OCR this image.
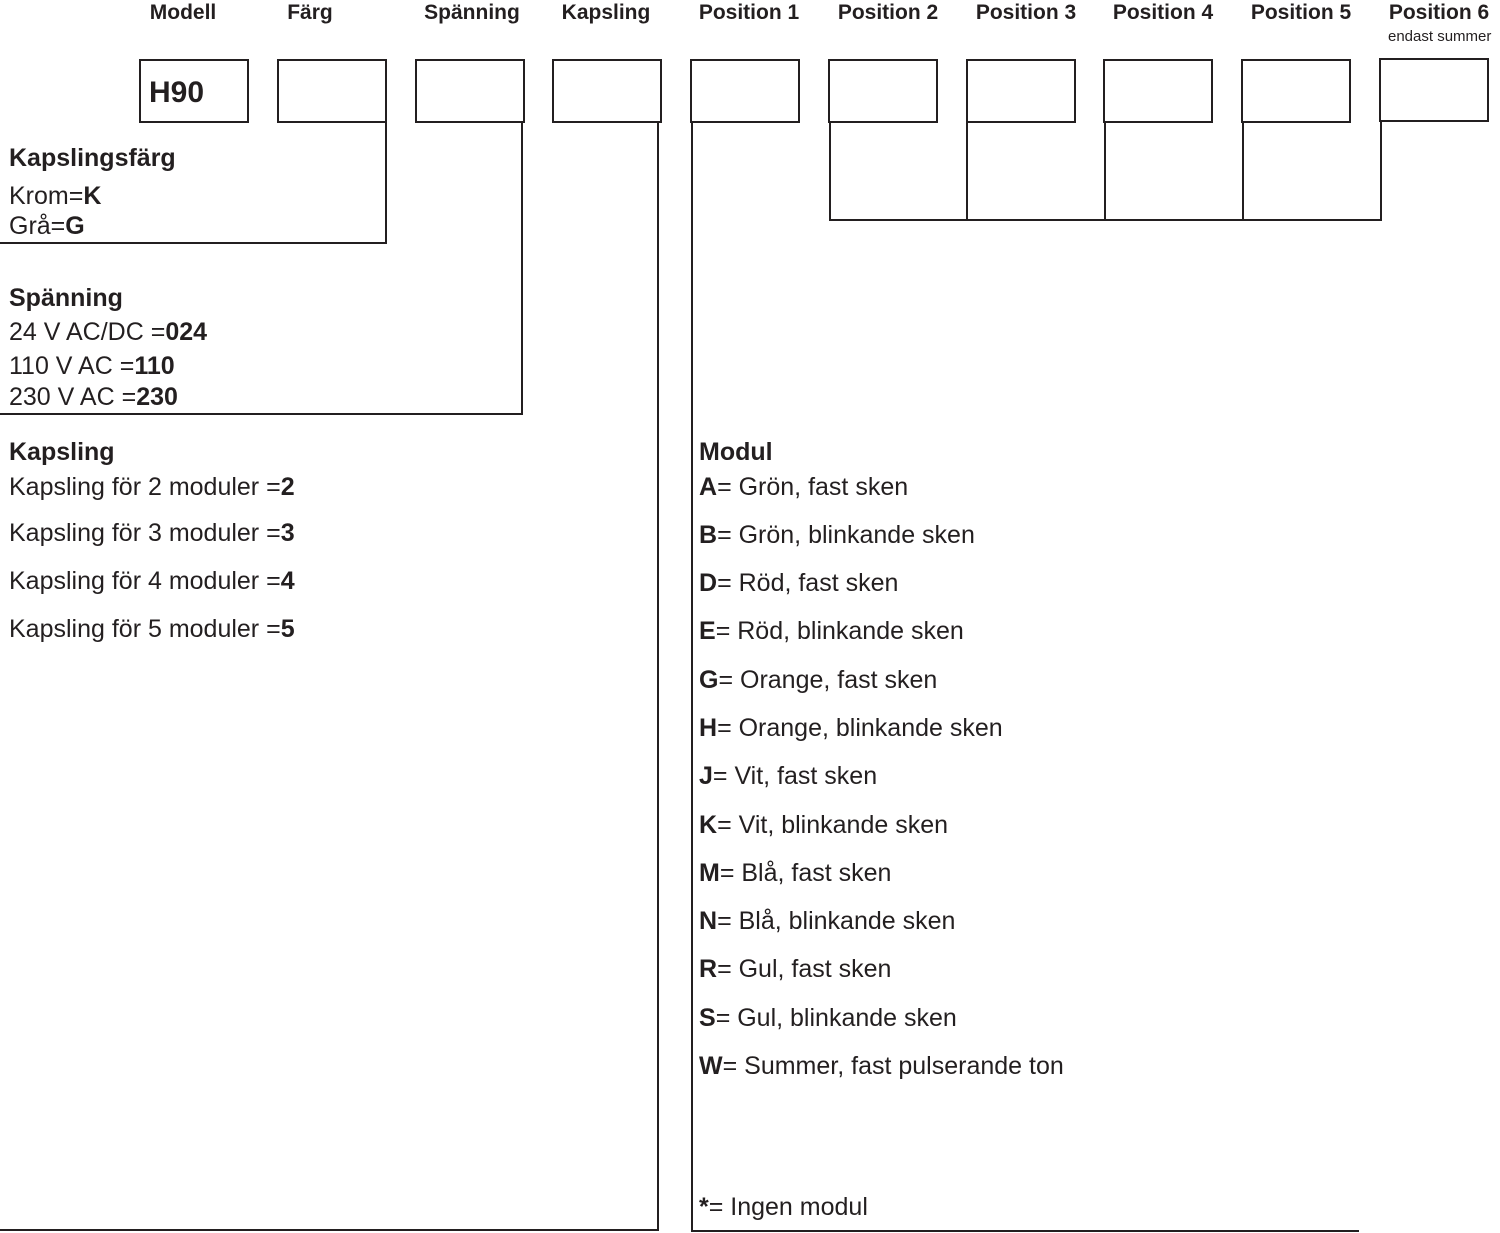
Modell	Färg	Spänning	Kapsling	Position 1	Position 2	Position 3	Position 4	Position 5	Position 6
endast summer
H90
Kapslingsfärg
Krom=K
Grå=G
Spänning
24 V AC/DC =024
110 V AC =110
230 V AC =230
Kapsling
Kapsling för 2 moduler =2
Kapsling för 3 moduler =3
Kapsling för 4 moduler =4
Kapsling för 5 moduler =5
Modul
A= Grön, fast sken
B= Grön, blinkande sken
D= Röd, fast sken
E= Röd, blinkande sken
G= Orange, fast sken
H= Orange, blinkande sken
J= Vit, fast sken
K= Vit, blinkande sken
M= Blå, fast sken
N= Blå, blinkande sken
R= Gul, fast sken
S= Gul, blinkande sken
W= Summer, fast pulserande ton
*= Ingen modul
